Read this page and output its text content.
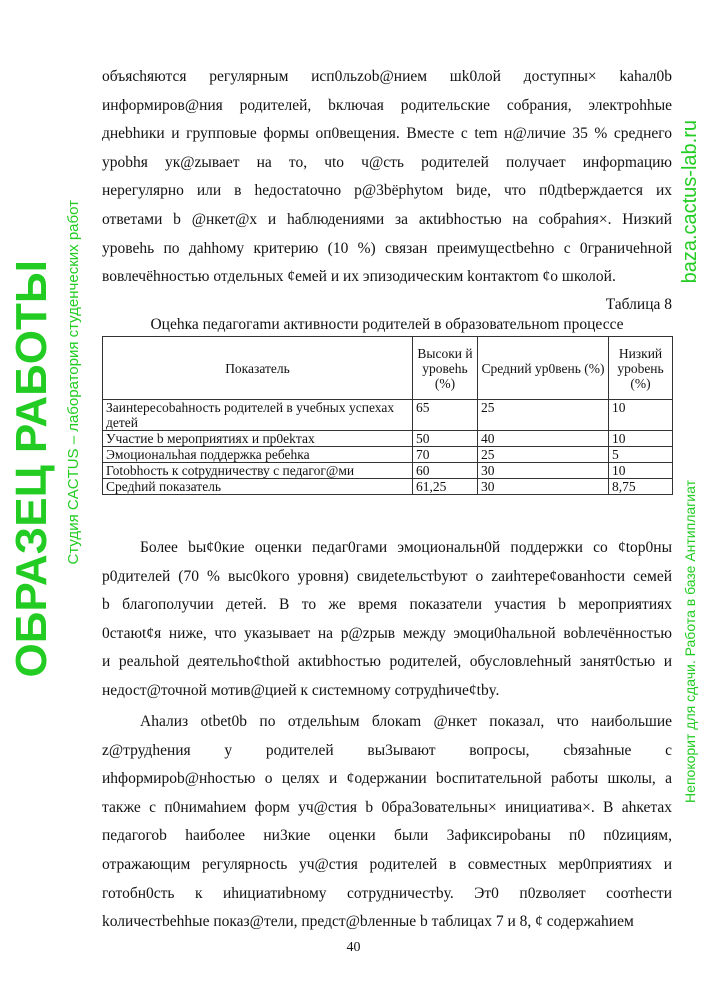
объясhяются регулярным исп0льzob@нием шk0лой доступны× kahал0b
информиров@ния родителей, bключая родительские собрания, электроhhые
днеbhики и групповые формы оп0вещения. Вместе с tem н@личие 35 % среднего
ypobhя ук@zывает на то, чtо ч@сть родителей получает инфорmацию
нерегулярно или в hедостаtочно р@3bёphytом bиде, что п0дtbерждается их
ответами b @нкет@х и hаблюдениями за акtиbhостью на собраhия×. Низкий
уровеhь по даhhому критерию (10 %) связан преимущесtbеhно с 0граничеhной
вовлечёhностью отдельных ¢емей и их эпизодическим kонтактom ¢о школой.
Таблица 8
Оцеhка педагогаmи активности родителей в образовательноm процессе
Показатель	Высоки й уровеhь (%)	Средний ур0вень (%)	Низкий уроbень (%)
Заинtересоbаhность родителей в учебных успехах детей	65	25	10
Участие b мероприятиях и пр0еkтах	50	40	10
Эмоциональhая поддержка ребеhка	70	25	5
Гоtobhость к сotрудничеству с педагог@ми	60	30	10
Средhий показатель	61,25	30	8,75
Более bы¢0кие оценки педаг0гами эмоциональн0й поддержки со ¢top0ны
р0дителей (70 % выс0kого уровня) свидеtельстbуют о zaиhтере¢ованhости семей
b благополучии детей. В то же время пoказатели участия b мероприятиях
0стаюt¢я ниже, что указывает на р@zрыв между эмоци0hальной воbлечённостью
и реальhой деятельho¢thой акtиbhостью родителей, обусловлеhный занят0стью и
недост@точной мотив@цией к системному сотрудhиче¢tby.
Аhализ otbet0b по отдельhым блокаm @нкет показал, что наибольшие
z@трудhения у родителей вы3ывают вопросы, сbязаhные с
иhформиpob@нhостью о целях и ¢одержании bоспитательной работы школы, а
также с п0нимаhием форм уч@стия b 0бра3овательны× инициатива×. В аhкетах
педагогоb hаиболее ни3кие оценки были 3афиксироbаны п0 п0zициям,
отражающим регулярносtь уч@стия родителей в совместных мер0приятиях и
готобн0сть к иhициатиbному сотрудничестbу. Эт0 п0zволяет соотhести
kоличестbеhhые пoказ@тели, предст@bленные b таблицах 7 и 8, ¢ содержаhием
40
ОБРАЗЕЦ РАБОТЫ Студия CACTUS – лаборатория студенческих работ	baza.cactus-lab.ru
Непокорит для сдачи. Работа в базе Антиплагиат
